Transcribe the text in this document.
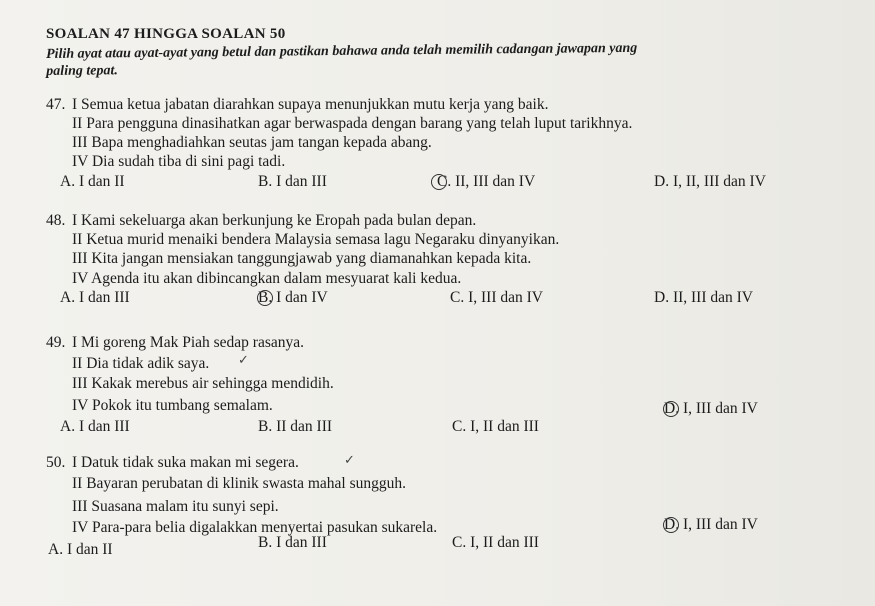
SOALAN 47 HINGGA SOALAN 50
Pilih ayat atau ayat-ayat yang betul dan pastikan bahawa anda telah memilih cadangan jawapan yang
paling tepat.
47. I Semua ketua jabatan diarahkan supaya menunjukkan mutu kerja yang baik.
II Para pengguna dinasihatkan agar berwaspada dengan barang yang telah luput tarikhnya.
III Bapa menghadiahkan seutas jam tangan kepada abang.
IV Dia sudah tiba di sini pagi tadi.
A. I dan II	B. I dan III	C. II, III dan IV	D. I, II, III dan IV
48. I Kami sekeluarga akan berkunjung ke Eropah pada bulan depan.
II Ketua murid menaiki bendera Malaysia semasa lagu Negaraku dinyanyikan.
III Kita jangan mensiakan tanggungjawab yang diamanahkan kepada kita.
IV Agenda itu akan dibincangkan dalam mesyuarat kali kedua.
A. I dan III	B. I dan IV	C. I, III dan IV	D. II, III dan IV
49. I Mi goreng Mak Piah sedap rasanya.
II Dia tidak adik saya.
III Kakak merebus air sehingga mendidih.
IV Pokok itu tumbang semalam.
A. I dan III	B. II dan III	C. I, II dan III
D. I, III dan IV
✓
50. I Datuk tidak suka makan mi segera.
II Bayaran perubatan di klinik swasta mahal sungguh.
III Suasana malam itu sunyi sepi.
IV Para-para belia digalakkan menyertai pasukan sukarela.
A. I dan II	B. I dan III	C. I, II dan III
D. I, III dan IV
✓
